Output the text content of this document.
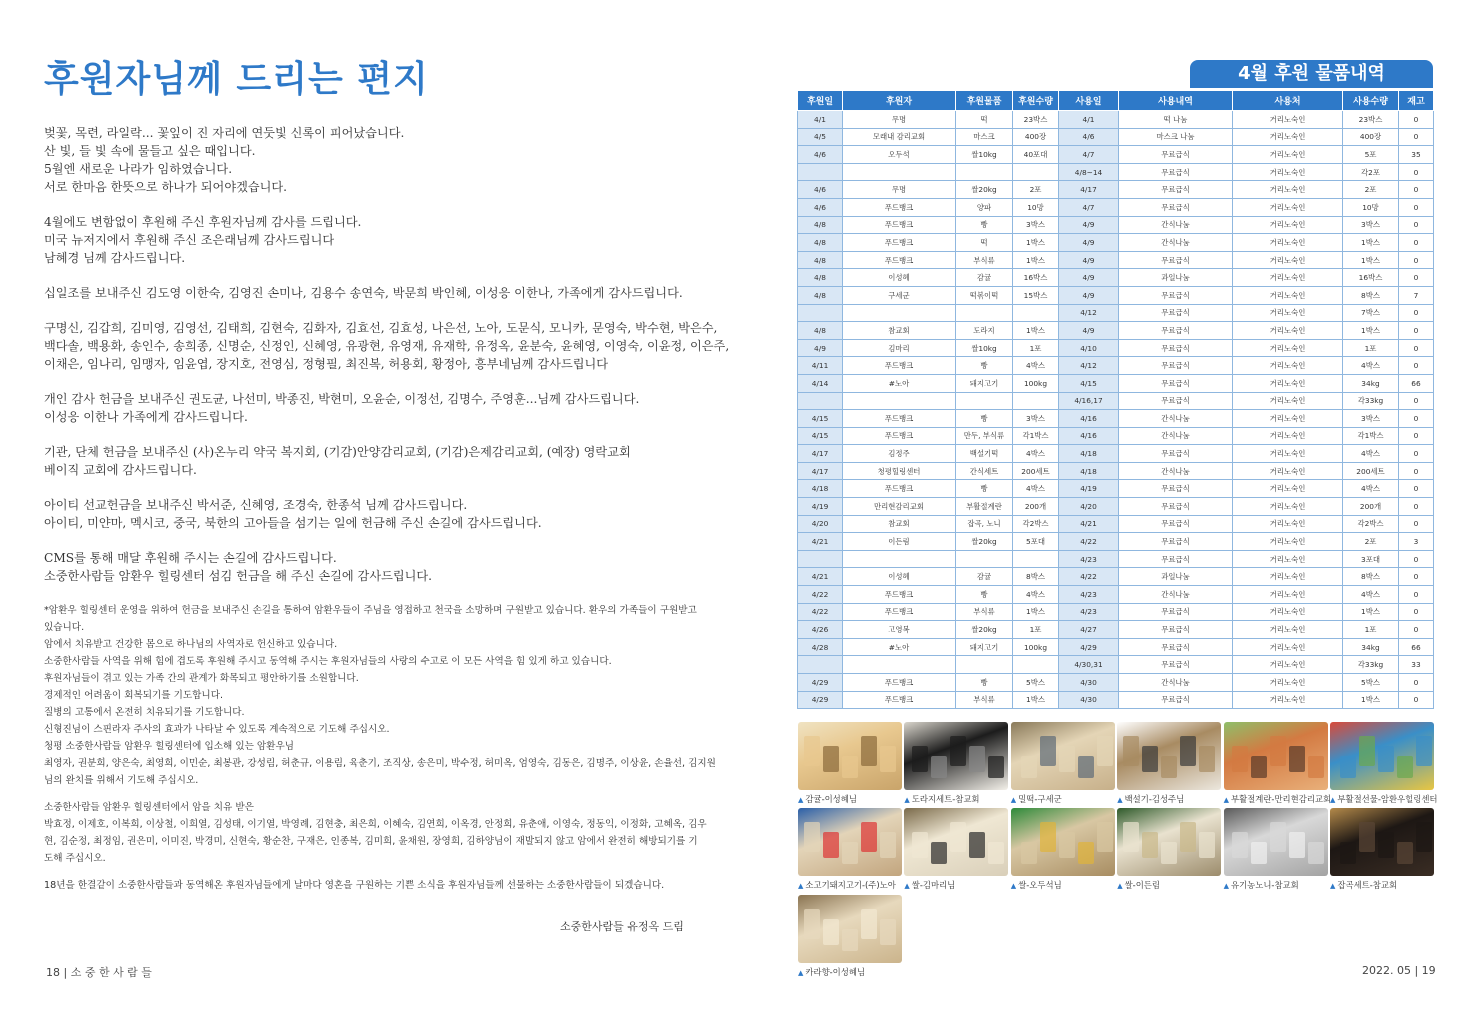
후원자님께 드리는 편지
벚꽃, 목련, 라일락... 꽃잎이 진 자리에 연둣빛 신록이 피어났습니다.
산 빛, 들 빛 속에 물들고 싶은 때입니다.
5월엔 새로운 나라가 임하였습니다.
서로 한마음 한뜻으로 하나가 되어야겠습니다.
4월에도 변함없이 후원해 주신 후원자님께 감사를 드립니다.
미국 뉴저지에서 후원해 주신 조은래님께 감사드립니다
남혜경 님께 감사드립니다.
십일조를 보내주신 김도영 이한숙, 김영진 손미나, 김용수 송연숙, 박문희 박인혜, 이성응 이한나, 가족에게 감사드립니다.
구명신, 김갑희, 김미영, 김영선, 김태희, 김현숙, 김화자, 김효선, 김효성, 나은선, 노아, 도문식, 모니카, 문영숙, 박수현, 박은수,
백다솔, 백용화, 송인수, 송희종, 신명순, 신정인, 신혜영, 유광현, 유영재, 유재학, 유정옥, 윤분숙, 윤혜영, 이영숙, 이윤정, 이은주,
이채은, 임나리, 임맹자, 임윤엽, 장지호, 전영심, 정형필, 최진복, 허용회, 황정아, 흥부네님께 감사드립니다
개인 감사 헌금을 보내주신 권도균, 나선미, 박종진, 박현미, 오윤순, 이정선, 김명수, 주영훈...님께 감사드립니다.
이성응 이한나 가족에게 감사드립니다.
기관, 단체 헌금을 보내주신 (사)온누리 약국 복지회, (기감)안양감리교회, (기감)은제감리교회, (예장) 영락교회
베이직 교회에 감사드립니다.
아이티 선교헌금을 보내주신 박서준, 신혜영, 조경숙, 한종석 님께 감사드립니다.
아이티, 미얀마, 멕시코, 중국, 북한의 고아들을 섬기는 일에 헌금해 주신 손길에 감사드립니다.
CMS를 통해 매달 후원해 주시는 손길에 감사드립니다.
소중한사람들 암환우 힐링센터 섬김 헌금을 해 주신 손길에 감사드립니다.
*암환우 힐링센터 운영을 위하여 헌금을 보내주신 손길을 통하여 암환우들이 주님을 영접하고 천국을 소망하며 구원받고 있습니다. 환우의 가족들이 구원받고
있습니다.
암에서 치유받고 건강한 몸으로 하나님의 사역자로 헌신하고 있습니다.
소중한사람들 사역을 위해 힘에 겹도록 후원해 주시고 동역해 주시는 후원자님들의 사랑의 수고로 이 모든 사역을 힘 있게 하고 있습니다.
후원자님들이 겪고 있는 가족 간의 관계가 화목되고 평안하기를 소원합니다.
경제적인 어려움이 회복되기를 기도합니다.
질병의 고통에서 온전히 치유되기를 기도합니다.
신형진님이 스핀라자 주사의 효과가 나타날 수 있도록 계속적으로 기도해 주십시오.
청평 소중한사람들 암환우 힐링센터에 입소해 있는 암환우님
최영자, 권분희, 양은숙, 최영희, 이민순, 최봉관, 강성림, 허춘규, 이용림, 육춘기, 조직상, 송은미, 박수정, 허미옥, 엄영숙, 김동은, 김명주, 이상윤, 손율선, 김지원
님의 완치를 위해서 기도해 주십시오.
소중한사람들 암환우 힐링센터에서 암을 치유 받은
박효정, 이제호, 이복희, 이상철, 이희열, 김성태, 이기열, 박영례, 김현충, 최은희, 이혜숙, 김연희, 이옥경, 안정희, 유춘애, 이영숙, 정동익, 이정화, 고혜옥, 김우
현, 김순정, 최정임, 권은미, 이미진, 박경미, 신현숙, 황순찬, 구재은, 인종복, 김미희, 윤채원, 장영희, 김하양님이 재발되지 않고 암에서 완전히 해방되기를 기
도해 주십시오.
18년을 한결같이 소중한사람들과 동역해온 후원자님들에게 날마다 영혼을 구원하는 기쁜 소식을 후원자님들께 선물하는 소중한사람들이 되겠습니다.
소중한사람들 유정옥 드림
18 | 소 중 한 사 람 들	2022. 05 | 19
4월 후원 물품내역
후원일	후원자	후원물품	후원수량	사용일	사용내역	사용처	사용수량	재고
4/1	무명	떡	23박스	4/1	떡 나눔	거리노숙인	23박스	0
4/5	모래내 감리교회	마스크	400장	4/6	마스크 나눔	거리노숙인	400장	0
4/6	오두석	쌀10kg	40포대	4/7	무료급식	거리노숙인	5포	35
				4/8~14	무료급식	거리노숙인	각2포	0
4/6	무명	쌀20kg	2포	4/17	무료급식	거리노숙인	2포	0
4/6	푸드뱅크	양파	10망	4/7	무료급식	거리노숙인	10망	0
4/8	푸드뱅크	빵	3박스	4/9	간식나눔	거리노숙인	3박스	0
4/8	푸드뱅크	떡	1박스	4/9	간식나눔	거리노숙인	1박스	0
4/8	푸드뱅크	부식류	1박스	4/9	무료급식	거리노숙인	1박스	0
4/8	이성혜	감귤	16박스	4/9	과일나눔	거리노숙인	16박스	0
4/8	구세군	떡볶이떡	15박스	4/9	무료급식	거리노숙인	8박스	7
				4/12	무료급식	거리노숙인	7박스	0
4/8	참교회	도라지	1박스	4/9	무료급식	거리노숙인	1박스	0
4/9	김마리	쌀10kg	1포	4/10	무료급식	거리노숙인	1포	0
4/11	푸드뱅크	빵	4박스	4/12	무료급식	거리노숙인	4박스	0
4/14	#노아	돼지고기	100kg	4/15	무료급식	거리노숙인	34kg	66
				4/16,17	무료급식	거리노숙인	각33kg	0
4/15	푸드뱅크	빵	3박스	4/16	간식나눔	거리노숙인	3박스	0
4/15	푸드뱅크	만두, 부식류	각1박스	4/16	간식나눔	거리노숙인	각1박스	0
4/17	김정주	백설기떡	4박스	4/18	무료급식	거리노숙인	4박스	0
4/17	청평힐링센터	간식세트	200세트	4/18	간식나눔	거리노숙인	200세트	0
4/18	푸드뱅크	빵	4박스	4/19	무료급식	거리노숙인	4박스	0
4/19	만리현감리교회	부활절계란	200개	4/20	무료급식	거리노숙인	200개	0
4/20	참교회	잡곡, 노니	각2박스	4/21	무료급식	거리노숙인	각2박스	0
4/21	이든림	쌀20kg	5포대	4/22	무료급식	거리노숙인	2포	3
				4/23	무료급식	거리노숙인	3포대	0
4/21	이성혜	감귤	8박스	4/22	과일나눔	거리노숙인	8박스	0
4/22	푸드뱅크	빵	4박스	4/23	간식나눔	거리노숙인	4박스	0
4/22	푸드뱅크	부식류	1박스	4/23	무료급식	거리노숙인	1박스	0
4/26	고영복	쌀20kg	1포	4/27	무료급식	거리노숙인	1포	0
4/28	#노아	돼지고기	100kg	4/29	무료급식	거리노숙인	34kg	66
				4/30,31	무료급식	거리노숙인	각33kg	33
4/29	푸드뱅크	빵	5박스	4/30	간식나눔	거리노숙인	5박스	0
4/29	푸드뱅크	부식류	1박스	4/30	무료급식	거리노숙인	1박스	0
▲ 감귤-이성혜님	▲ 도라지세트-참교회	▲ 밀떡-구세군	▲ 백설기-김성주님	▲ 부활절계란-만리현감리교회
▲ 부활절선물-암환우힐링센터
▲ 소고기돼지고기-(주)노아	▲ 쌀-김마리님	▲ 쌀-오두석님	▲ 쌀-이든림	▲ 유기농노니-참교회	▲ 잡곡세트-참교회
▲ 카라향-이성혜님
